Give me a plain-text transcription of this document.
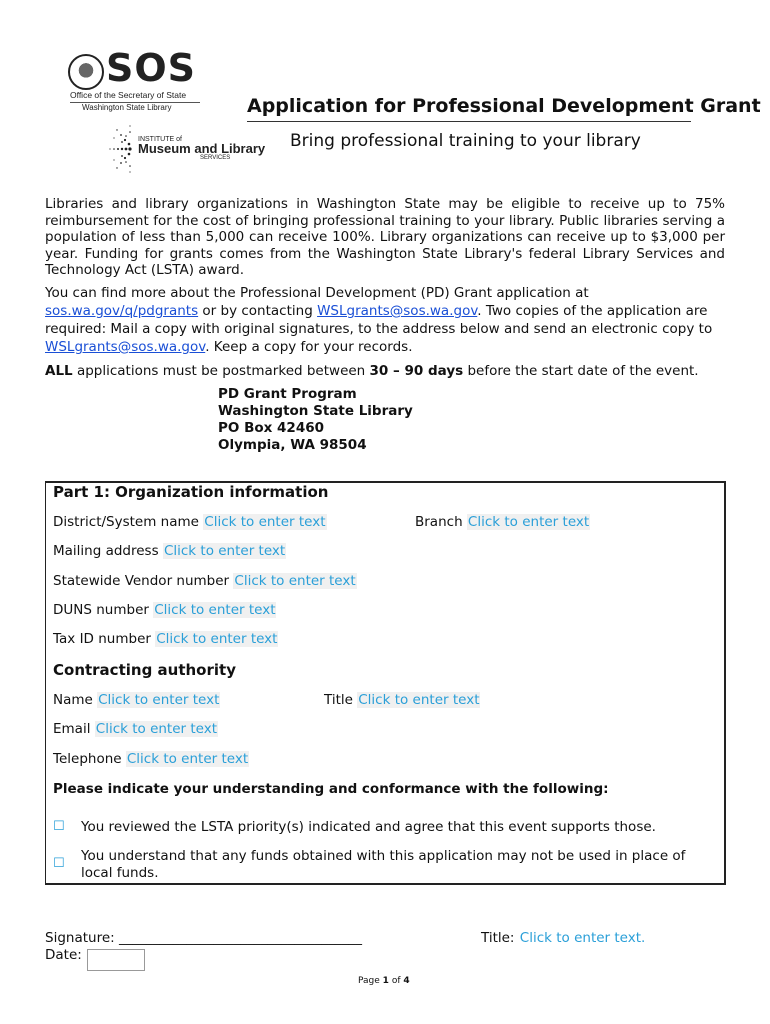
SOS
Office of the Secretary of State
Washington State Library
INSTITUTE of
Museum and Library
SERVICES
Application for Professional Development Grant
Bring professional training to your library

Libraries and library organizations in Washington State may be eligible to receive up to 75% reimbursement for the cost of bringing professional training to your library. Public libraries serving a population of less than 5,000 can receive 100%. Library organizations can receive up to $3,000 per year. Funding for grants comes from the Washington State Library's federal Library Services and Technology Act (LSTA) award.

You can find more about the Professional Development (PD) Grant application at sos.wa.gov/q/pdgrants or by contacting WSLgrants@sos.wa.gov. Two copies of the application are required: Mail a copy with original signatures, to the address below and send an electronic copy to WSLgrants@sos.wa.gov. Keep a copy for your records.

ALL applications must be postmarked between 30 – 90 days before the start date of the event.

PD Grant Program
Washington State Library
PO Box 42460
Olympia, WA 98504
Part 1: Organization information
District/System name Click to enter text	Branch Click to enter text
Mailing address Click to enter text
Statewide Vendor number Click to enter text
DUNS number Click to enter text
Tax ID number Click to enter text
Contracting authority
Name Click to enter text	Title Click to enter text
Email Click to enter text
Telephone Click to enter text
Please indicate your understanding and conformance with the following:
☐ You reviewed the LSTA priority(s) indicated and agree that this event supports those.
☐ You understand that any funds obtained with this application may not be used in place of local funds.
Signature: ____________________________________
Date:
Title: Click to enter text.
Page 1 of 4
